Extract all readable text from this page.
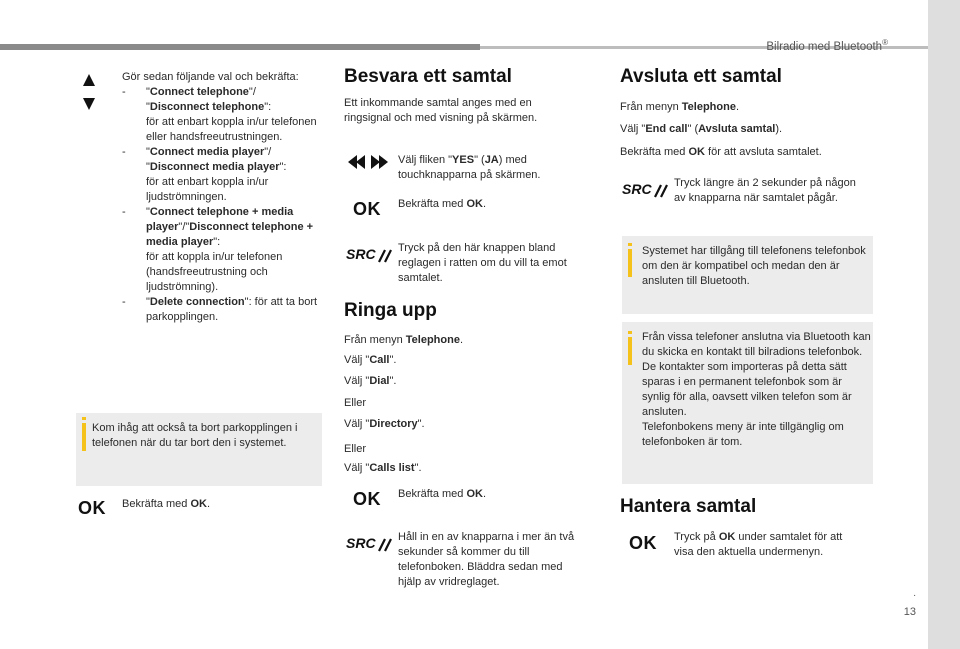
Bilradio med Bluetooth®
.
13
Gör sedan följande val och bekräfta:
- "Connect telephone"/
"Disconnect telephone":
för att enbart koppla in/ur telefonen eller handsfreeutrustningen.
- "Connect media player"/
"Disconnect media player":
för att enbart koppla in/ur ljudströmningen.
- "Connect telephone + media player"/"Disconnect telephone + media player":
för att koppla in/ur telefonen (handsfreeutrustning och ljudströmning).
- "Delete connection": för att ta bort parkopplingen.
Kom ihåg att också ta bort parkopplingen i telefonen när du tar bort den i systemet.
OK Bekräfta med OK.
Besvara ett samtal
Ett inkommande samtal anges med en ringsignal och med visning på skärmen.
Välj fliken "YES" (JA) med touchknapparna på skärmen.
OK Bekräfta med OK.
SRC	Tryck på den här knappen bland reglagen i ratten om du vill ta emot samtalet.
Ringa upp
Från menyn Telephone.
Välj "Call".
Välj "Dial".
Eller
Välj "Directory".
Eller
Välj "Calls list".
OK Bekräfta med OK.
SRC	Håll in en av knapparna i mer än två sekunder så kommer du till telefonboken. Bläddra sedan med hjälp av vridreglaget.
Avsluta ett samtal
Från menyn Telephone.
Välj "End call" (Avsluta samtal).
Bekräfta med OK för att avsluta samtalet.
SRC	Tryck längre än 2 sekunder på någon av knapparna när samtalet pågår.
Systemet har tillgång till telefonens telefonbok om den är kompatibel och medan den är ansluten till Bluetooth.
Från vissa telefoner anslutna via Bluetooth kan du skicka en kontakt till bilradions telefonbok.
De kontakter som importeras på detta sätt sparas i en permanent telefonbok som är synlig för alla, oavsett vilken telefon som är ansluten.
Telefonbokens meny är inte tillgänglig om telefonboken är tom.
Hantera samtal
OK Tryck på OK under samtalet för att visa den aktuella undermenyn.
